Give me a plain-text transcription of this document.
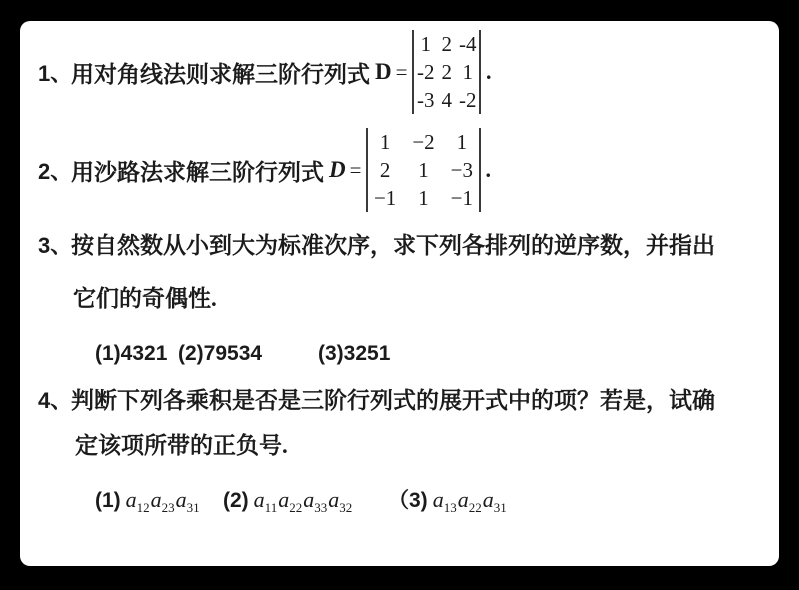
1、
用对角线法则求解三阶行列式 D =
1 2 -4
-2 2 1
-3 4 -2
.
2、
用沙路法求解三阶行列式 D =
1 −2 1
2 1 −3
−1 1 −1
.
3、按自然数从小到大为标准次序，求下列各排列的逆序数，并指出
它们的奇偶性.
(1)4321 (2)79534	(3)3251
4、判断下列各乘积是否是三阶行列式的展开式中的项？若是，试确
定该项所带的正负号.
(1) $a_{12}a_{23}a_{31}$ (2) $a_{11}a_{22}a_{33}a_{32}$ （3) $a_{13}a_{22}a_{31}$
